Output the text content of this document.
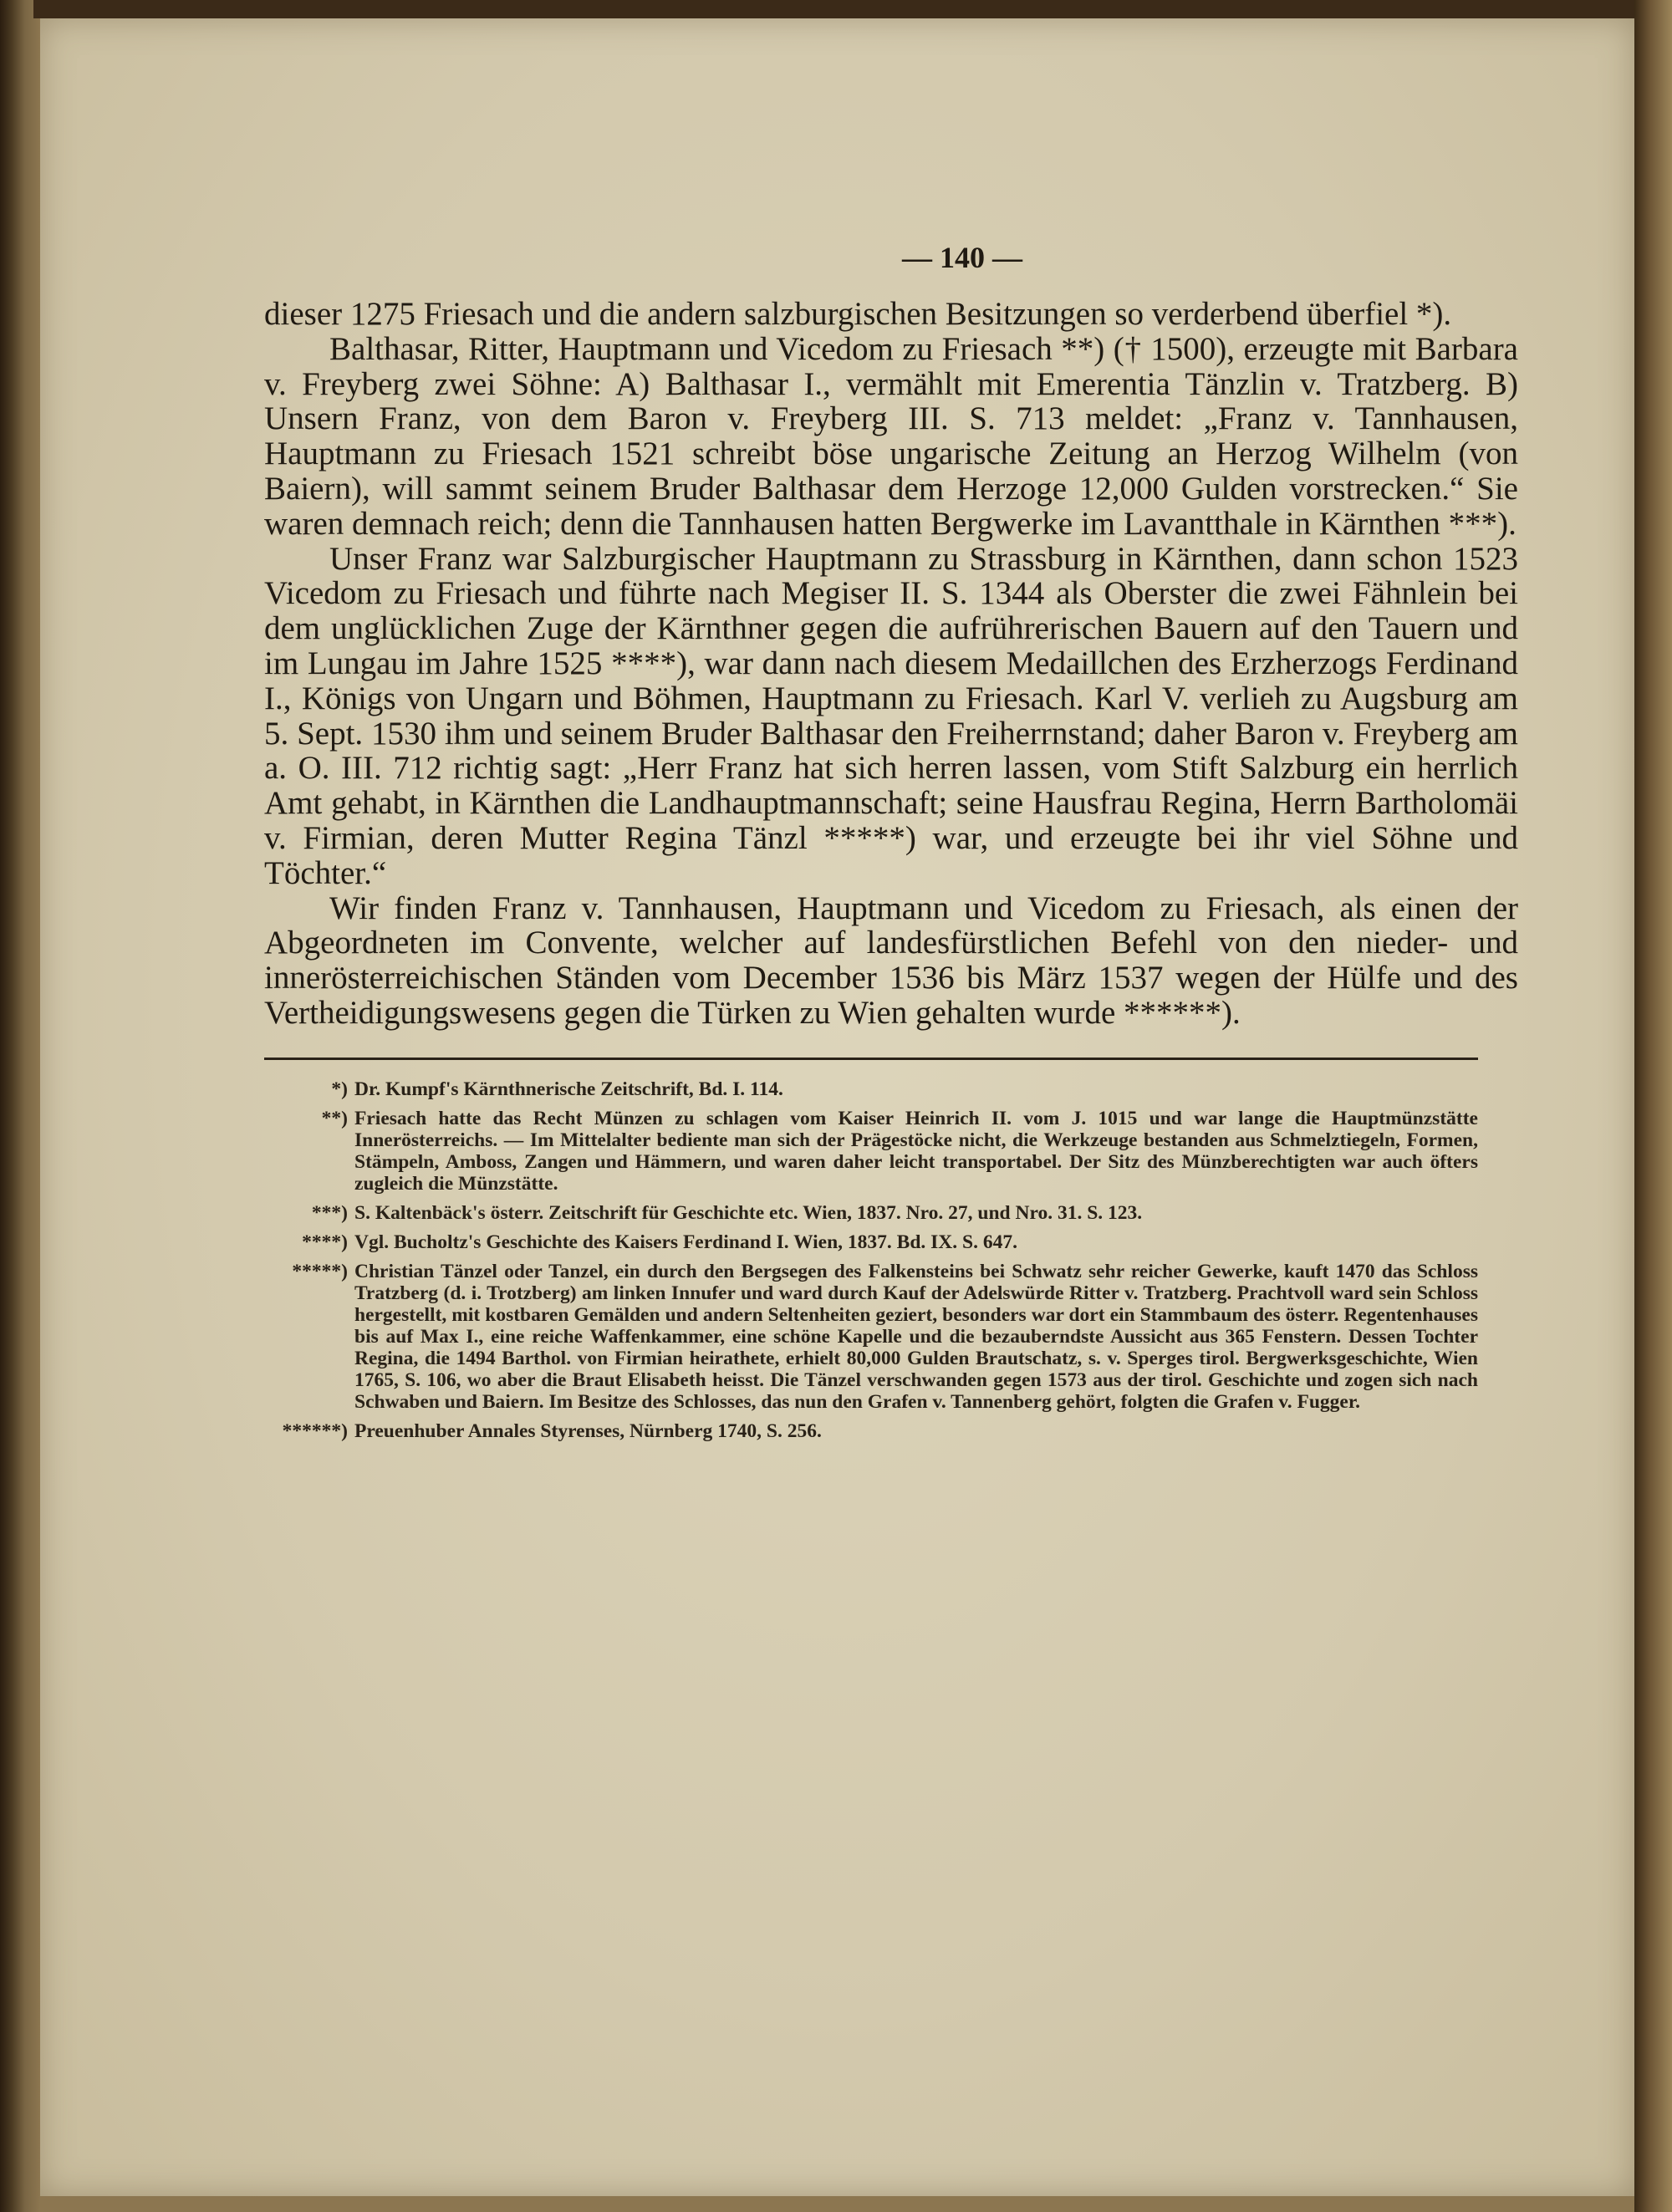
— 140 —

dieser 1275 Friesach und die andern salzburgischen Besitzungen so verderbend überfiel *).

Balthasar, Ritter, Hauptmann und Vicedom zu Friesach **) († 1500), erzeugte mit Barbara v. Freyberg zwei Söhne: A) Balthasar I., vermählt mit Emerentia Tänzlin v. Tratzberg. B) Unsern Franz, von dem Baron v. Freyberg III. S. 713 meldet: „Franz v. Tannhausen, Hauptmann zu Friesach 1521 schreibt böse ungarische Zeitung an Herzog Wilhelm (von Baiern), will sammt seinem Bruder Balthasar dem Herzoge 12,000 Gulden vorstrecken.“ Sie waren demnach reich; denn die Tannhausen hatten Bergwerke im Lavantthale in Kärnthen ***).

Unser Franz war Salzburgischer Hauptmann zu Strassburg in Kärnthen, dann schon 1523 Vicedom zu Friesach und führte nach Megiser II. S. 1344 als Oberster die zwei Fähnlein bei dem unglücklichen Zuge der Kärnthner gegen die aufrührerischen Bauern auf den Tauern und im Lungau im Jahre 1525 ****), war dann nach diesem Medaillchen des Erzherzogs Ferdinand I., Königs von Ungarn und Böhmen, Hauptmann zu Friesach. Karl V. verlieh zu Augsburg am 5. Sept. 1530 ihm und seinem Bruder Balthasar den Freiherrnstand; daher Baron v. Freyberg am a. O. III. 712 richtig sagt: „Herr Franz hat sich herren lassen, vom Stift Salzburg ein herrlich Amt gehabt, in Kärnthen die Landhauptmannschaft; seine Hausfrau Regina, Herrn Bartholomäi v. Firmian, deren Mutter Regina Tänzl *****) war, und erzeugte bei ihr viel Söhne und Töchter.“

Wir finden Franz v. Tannhausen, Hauptmann und Vicedom zu Friesach, als einen der Abgeordneten im Convente, welcher auf landesfürstlichen Befehl von den nieder- und innerösterreichischen Ständen vom December 1536 bis März 1537 wegen der Hülfe und des Vertheidigungswesens gegen die Türken zu Wien gehalten wurde ******).

*) Dr. Kumpf's Kärnthnerische Zeitschrift, Bd. I. 114.
**) Friesach hatte das Recht Münzen zu schlagen vom Kaiser Heinrich II. vom J. 1015 und war lange die Hauptmünzstätte Innerösterreichs. — Im Mittelalter bediente man sich der Prägestöcke nicht, die Werkzeuge bestanden aus Schmelztiegeln, Formen, Stämpeln, Amboss, Zangen und Hämmern, und waren daher leicht transportabel. Der Sitz des Münzberechtigten war auch öfters zugleich die Münzstätte.
***) S. Kaltenbäck's österr. Zeitschrift für Geschichte etc. Wien, 1837. Nro. 27, und Nro. 31. S. 123.
****) Vgl. Bucholtz's Geschichte des Kaisers Ferdinand I. Wien, 1837. Bd. IX. S. 647.
*****) Christian Tänzel oder Tanzel, ein durch den Bergsegen des Falkensteins bei Schwatz sehr reicher Gewerke, kauft 1470 das Schloss Tratzberg (d. i. Trotzberg) am linken Innufer und ward durch Kauf der Adelswürde Ritter v. Tratzberg. Prachtvoll ward sein Schloss hergestellt, mit kostbaren Gemälden und andern Seltenheiten geziert, besonders war dort ein Stammbaum des österr. Regentenhauses bis auf Max I., eine reiche Waffenkammer, eine schöne Kapelle und die bezauberndste Aussicht aus 365 Fenstern. Dessen Tochter Regina, die 1494 Barthol. von Firmian heirathete, erhielt 80,000 Gulden Brautschatz, s. v. Sperges tirol. Bergwerksgeschichte, Wien 1765, S. 106, wo aber die Braut Elisabeth heisst. Die Tänzel verschwanden gegen 1573 aus der tirol. Geschichte und zogen sich nach Schwaben und Baiern. Im Besitze des Schlosses, das nun den Grafen v. Tannenberg gehört, folgten die Grafen v. Fugger.
******) Preuenhuber Annales Styrenses, Nürnberg 1740, S. 256.
